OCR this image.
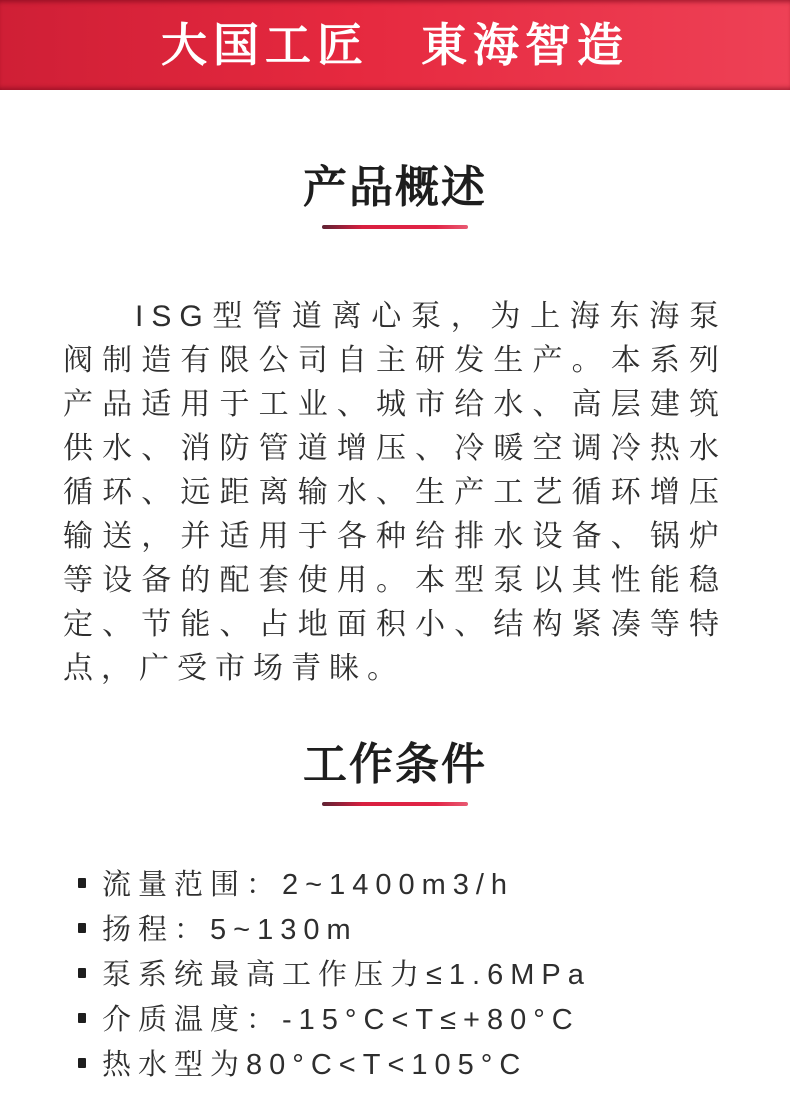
大国工匠　東海智造
产品概述

ISG型管道离心泵，为上海东海泵阀制造有限公司自主研发生产。本系列产品适用于工业、城市给水、高层建筑供水、消防管道增压、冷暖空调冷热水循环、远距离输水、生产工艺循环增压输送，并适用于各种给排水设备、锅炉等设备的配套使用。本型泵以其性能稳定、节能、占地面积小、结构紧凑等特点，广受市场青睐。

工作条件
流量范围：2~1400m3/h
扬程：5~130m
泵系统最高工作压力≤1.6MPa
介质温度：-15°C<T≤+80°C
热水型为80°C<T<105°C
